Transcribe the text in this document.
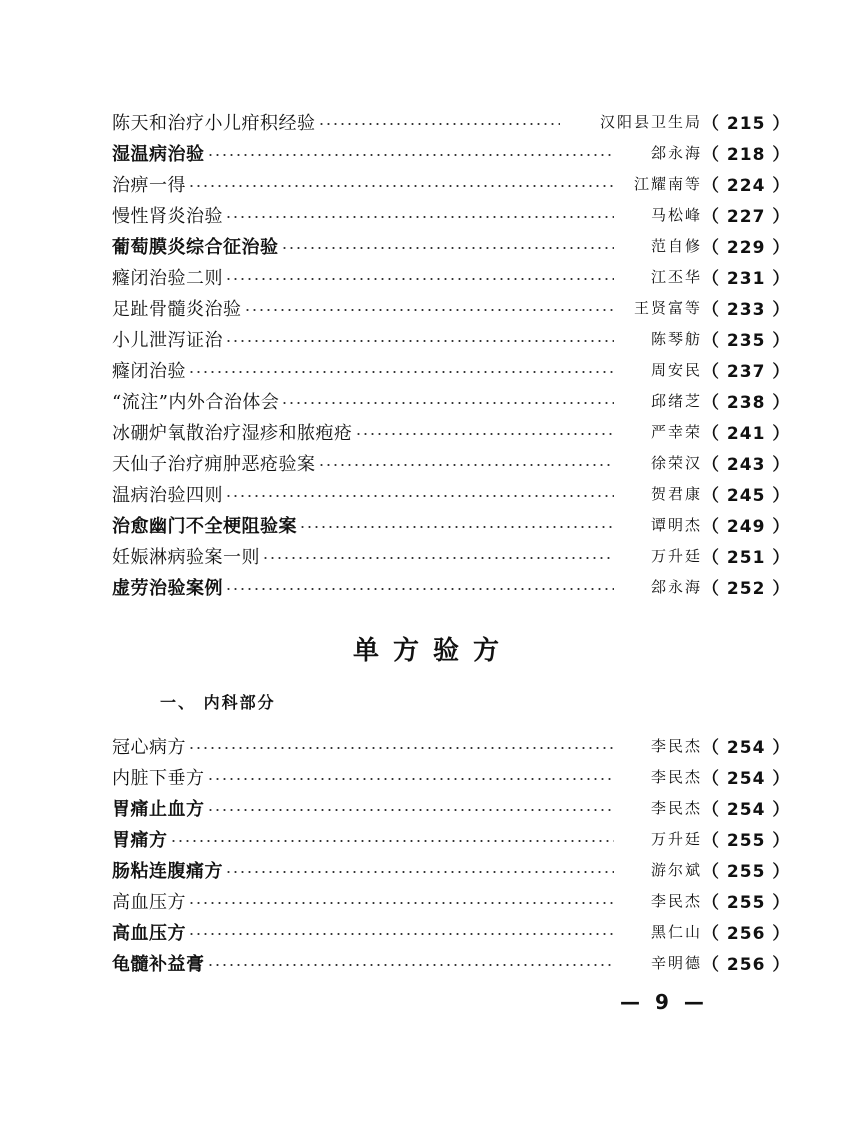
陈天和治疗小儿疳积经验	汉阳县卫生局 （ 215 ）
湿温病治验	郐永海 （ 218 ）
治痹一得	江耀南等 （ 224 ）
慢性肾炎治验	马松峰 （ 227 ）
葡萄膜炎综合征治验	范自修 （ 229 ）
癃闭治验二则	江丕华 （ 231 ）
足趾骨髓炎治验	王贤富等 （ 233 ）
小儿泄泻证治	陈琴舫 （ 235 ）
癃闭治验	周安民 （ 237 ）
“流注”内外合治体会	邱绪芝 （ 238 ）
冰硼炉氧散治疗湿疹和脓疱疮	严幸荣 （ 241 ）
天仙子治疗痈肿恶疮验案	徐荣汉 （ 243 ）
温病治验四则	贺君康 （ 245 ）
治愈幽门不全梗阻验案	谭明杰 （ 249 ）
妊娠淋病验案一则	万升廷 （ 251 ）
虚劳治验案例	郐永海 （ 252 ）
单方验方
一、 内科部分
冠心病方	李民杰 （ 254 ）
内脏下垂方	李民杰 （ 254 ）
胃痛止血方	李民杰 （ 254 ）
胃痛方	万升廷 （ 255 ）
肠粘连腹痛方	游尔斌 （ 255 ）
高血压方	李民杰 （ 255 ）
高血压方	黑仁山 （ 256 ）
龟髓补益膏	辛明德 （ 256 ）
— 9 —
